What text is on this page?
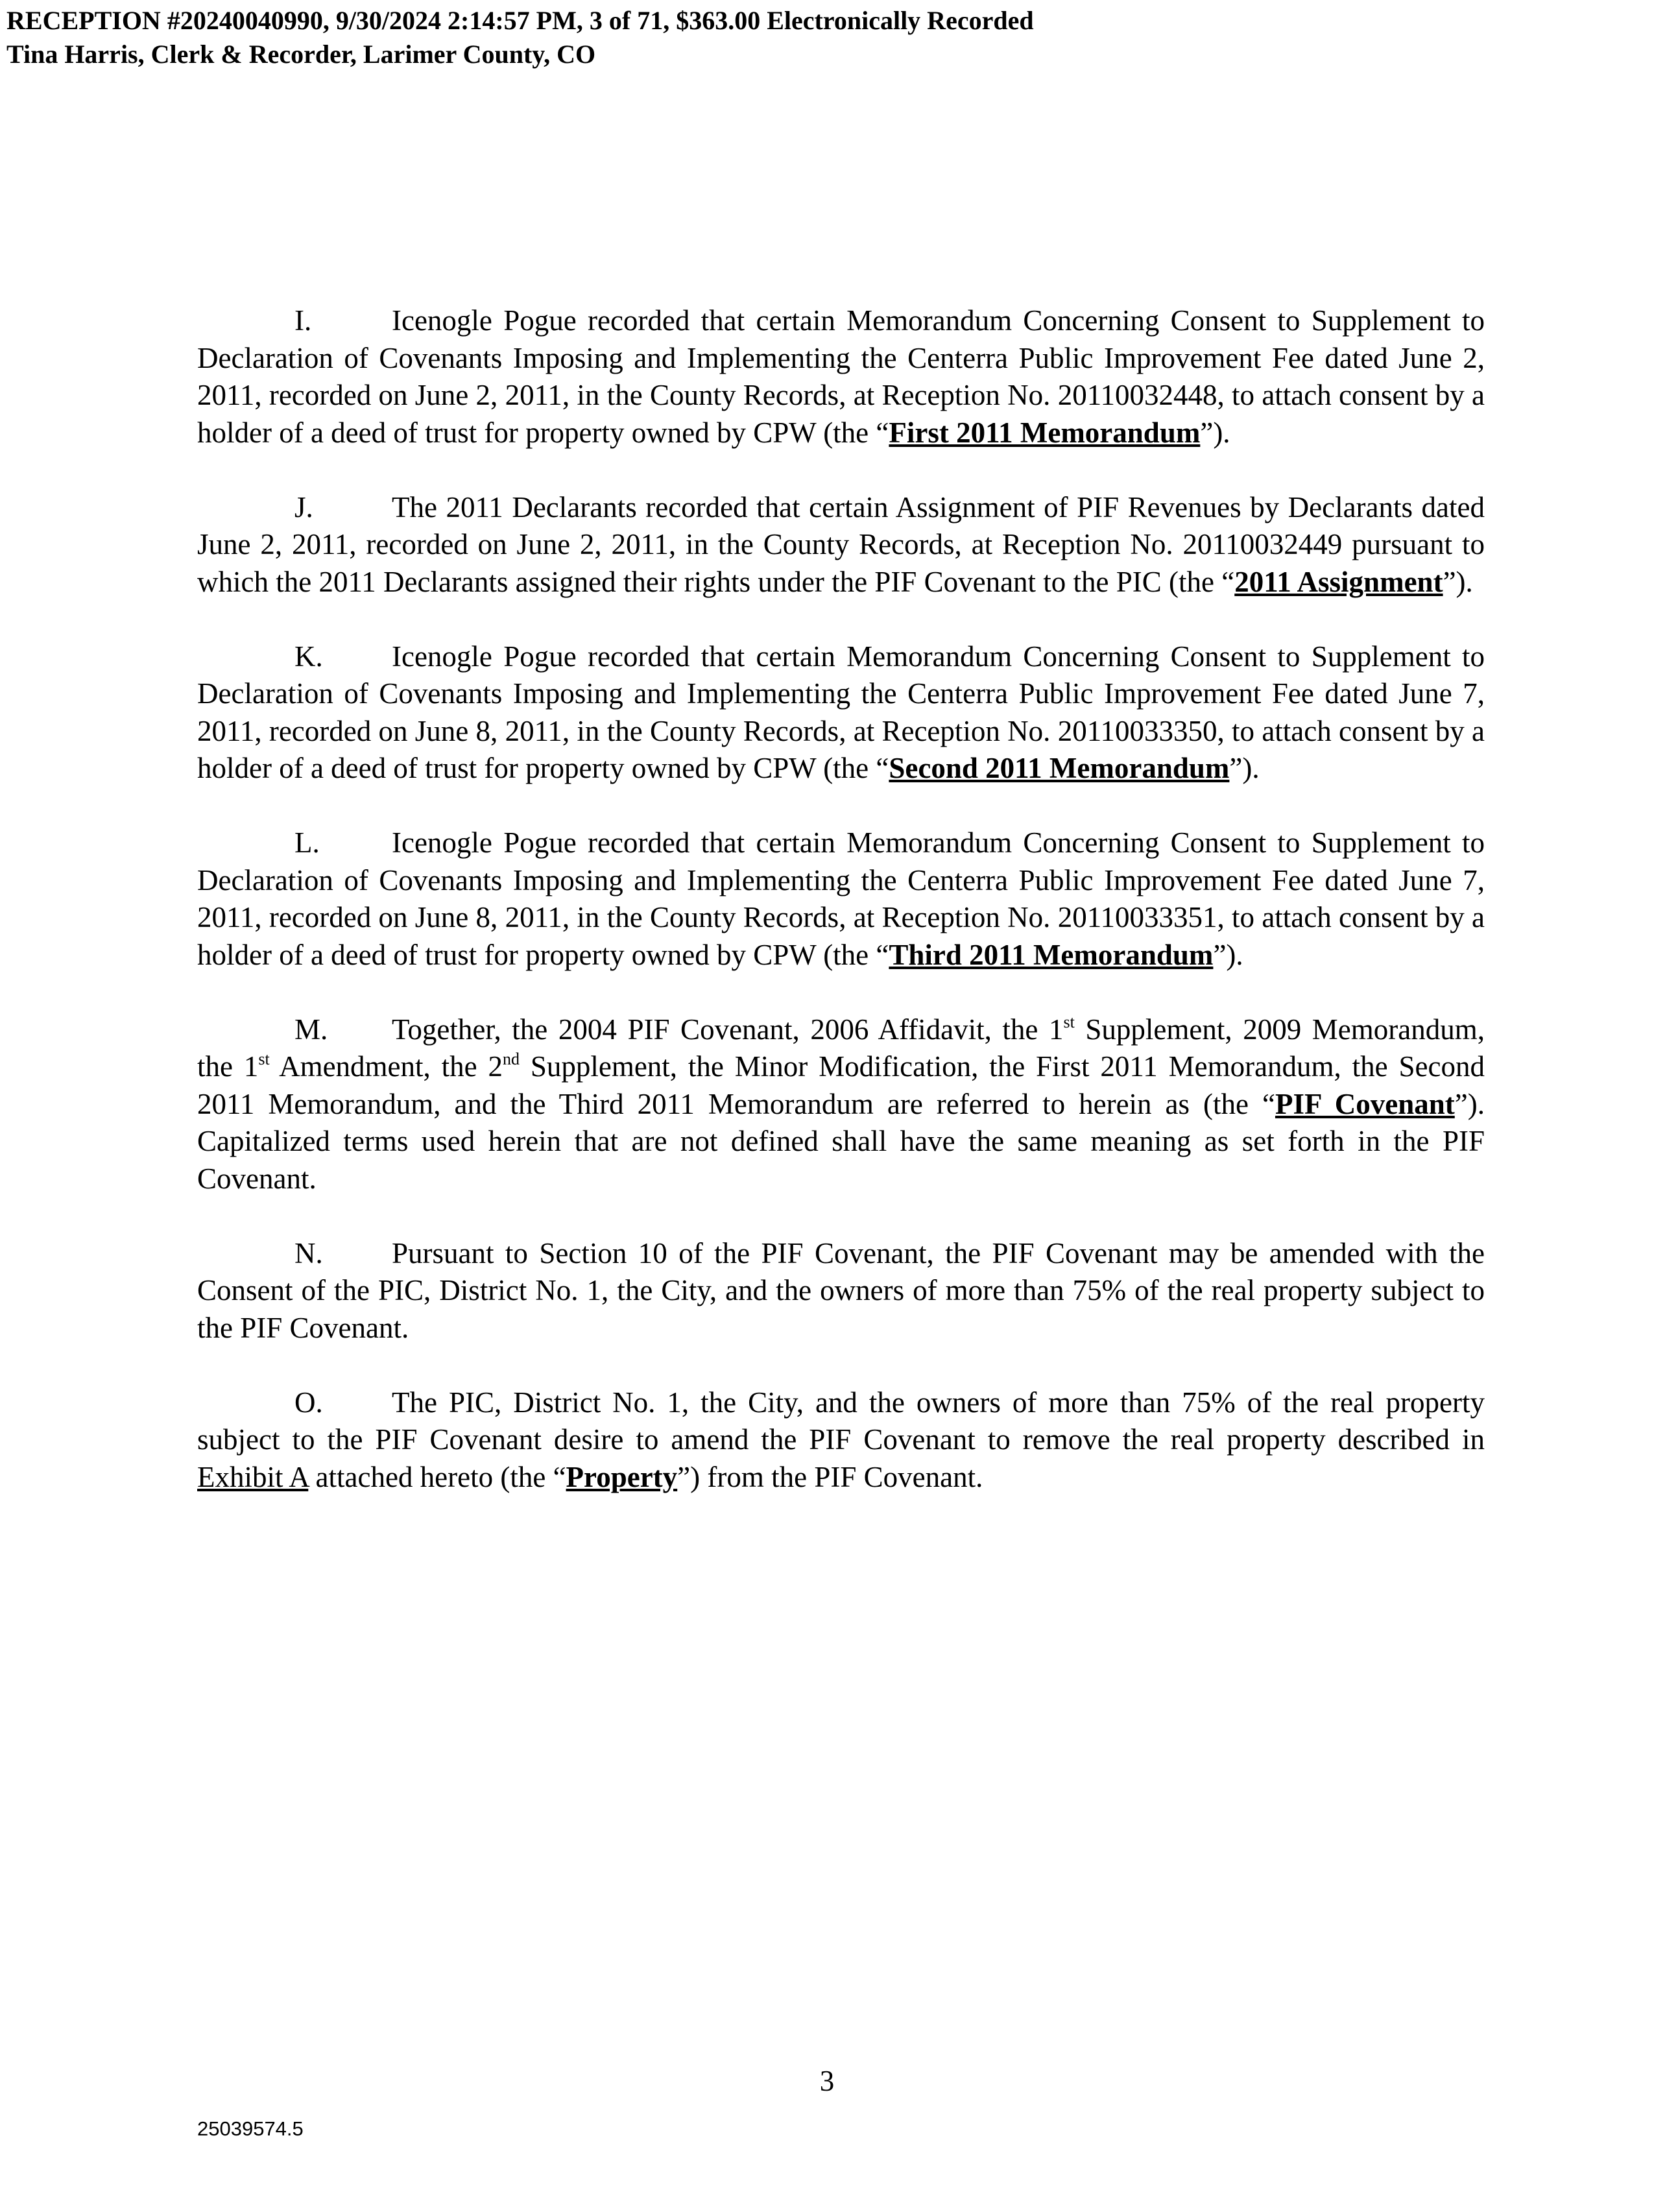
RECEPTION #20240040990, 9/30/2024 2:14:57 PM, 3 of 71, $363.00 Electronically Recorded
Tina Harris, Clerk & Recorder, Larimer County, CO

I.	Icenogle Pogue recorded that certain Memorandum Concerning Consent to Supplement to Declaration of Covenants Imposing and Implementing the Centerra Public Improvement Fee dated June 2, 2011, recorded on June 2, 2011, in the County Records, at Reception No. 20110032448, to attach consent by a holder of a deed of trust for property owned by CPW (the “First 2011 Memorandum”).

J.	The 2011 Declarants recorded that certain Assignment of PIF Revenues by Declarants dated June 2, 2011, recorded on June 2, 2011, in the County Records, at Reception No. 20110032449 pursuant to which the 2011 Declarants assigned their rights under the PIF Covenant to the PIC (the “2011 Assignment”).

K. Icenogle Pogue recorded that certain Memorandum Concerning Consent to Supplement to Declaration of Covenants Imposing and Implementing the Centerra Public Improvement Fee dated June 7, 2011, recorded on June 8, 2011, in the County Records, at Reception No. 20110033350, to attach consent by a holder of a deed of trust for property owned by CPW (the “Second 2011 Memorandum”).

L. Icenogle Pogue recorded that certain Memorandum Concerning Consent to Supplement to Declaration of Covenants Imposing and Implementing the Centerra Public Improvement Fee dated June 7, 2011, recorded on June 8, 2011, in the County Records, at Reception No. 20110033351, to attach consent by a holder of a deed of trust for property owned by CPW (the “Third 2011 Memorandum”).

M. Together, the 2004 PIF Covenant, 2006 Affidavit, the 1st Supplement, 2009 Memorandum, the 1st Amendment, the 2nd Supplement, the Minor Modification, the First 2011 Memorandum, the Second 2011 Memorandum, and the Third 2011 Memorandum are referred to herein as (the “PIF Covenant”). Capitalized terms used herein that are not defined shall have the same meaning as set forth in the PIF Covenant.

N. Pursuant to Section 10 of the PIF Covenant, the PIF Covenant may be amended with the Consent of the PIC, District No. 1, the City, and the owners of more than 75% of the real property subject to the PIF Covenant.

O. The PIC, District No. 1, the City, and the owners of more than 75% of the real property subject to the PIF Covenant desire to amend the PIF Covenant to remove the real property described in Exhibit A attached hereto (the “Property”) from the PIF Covenant.

3
25039574.5
